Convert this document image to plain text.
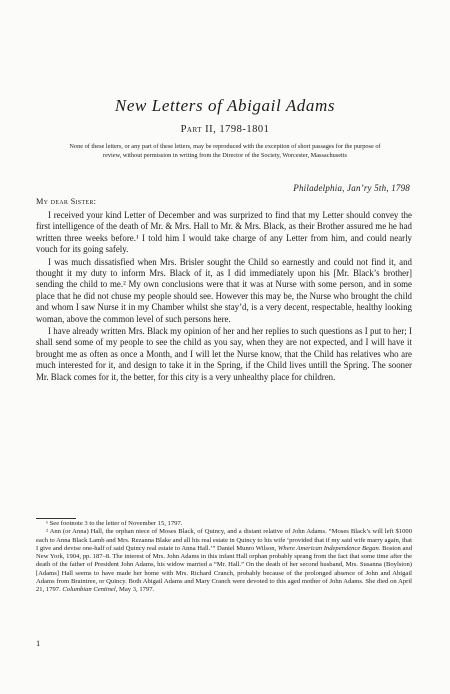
New Letters of Abigail Adams
Part II, 1798-1801
None of these letters, or any part of these letters, may be reproduced with the exception of short passages for the purpose of review, without permission in writing from the Director of the Society, Worcester, Massachusetts
Philadelphia, Jan’ry 5th, 1798
My dear Sister:

I received your kind Letter of December and was surprized to find that my Letter should convey the first intelligence of the death of Mr. & Mrs. Hall to Mr. & Mrs. Black, as their Brother assured me he had written three weeks before.¹ I told him I would take charge of any Letter from him, and could nearly vouch for its going safely.

I was much dissatisfied when Mrs. Brisler sought the Child so earnestly and could not find it, and thought it my duty to inform Mrs. Black of it, as I did immediately upon his [Mr. Black’s brother] sending the child to me.² My own conclusions were that it was at Nurse with some person, and in some place that he did not chuse my people should see. However this may be, the Nurse who brought the child and whom I saw Nurse it in my Chamber whilst she stay’d, is a very decent, respectable, healthy looking woman, above the common level of such persons here.

I have already written Mrs. Black my opinion of her and her replies to such questions as I put to her; I shall send some of my people to see the child as you say, when they are not expected, and I will have it brought me as often as once a Month, and I will let the Nurse know, that the Child has relatives who are much interested for it, and design to take it in the Spring, if the Child lives untill the Spring. The sooner Mr. Black comes for it, the better, for this city is a very unhealthy place for children.

¹ See footnote 3 to the letter of November 15, 1797.

² Ann (or Anna) Hall, the orphan niece of Moses Black, of Quincy, and a distant relative of John Adams. “Moses Black’s will left $1000 each to Anna Black Lamb and Mrs. Rezanna Blake and all his real estate in Quincy to his wife ‘provided that if my said wife marry again, that I give and devise one-half of said Quincy real estate to Anna Hall.’” Daniel Munro Wilson, Where American Independence Began. Boston and New York, 1904, pp. 187–8. The interest of Mrs. John Adams in this infant Hall orphan probably sprang from the fact that some time after the death of the father of President John Adams, his widow married a “Mr. Hall.” On the death of her second husband, Mrs. Susanna (Boylston) [Adams] Hall seems to have made her home with Mrs. Richard Cranch, probably because of the prolonged absence of John and Abigail Adams from Braintree, or Quincy. Both Abigail Adams and Mary Cranch were devoted to this aged mother of John Adams. She died on April 21, 1797. Columbian Centinel, May 3, 1797.

1
